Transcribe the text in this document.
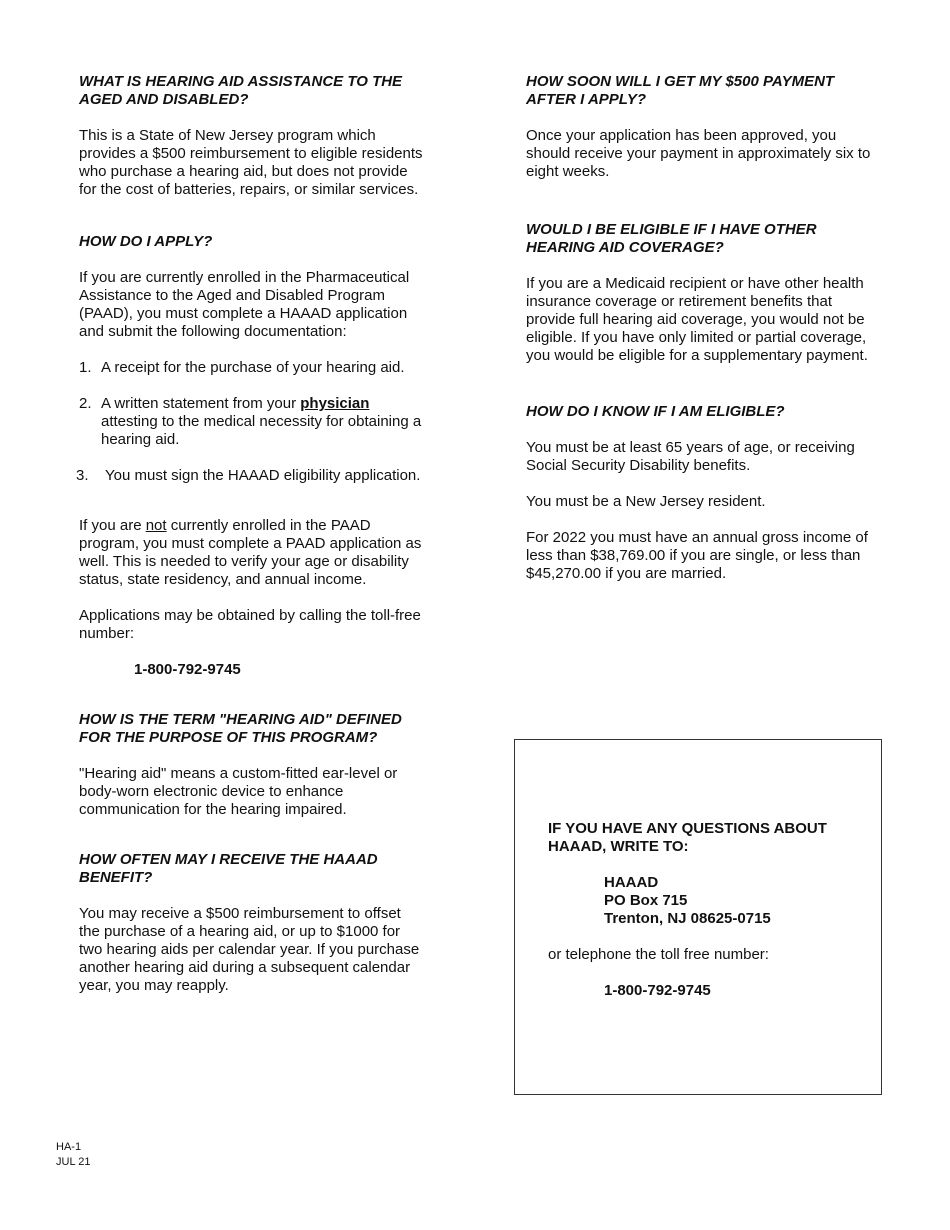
WHAT IS HEARING AID ASSISTANCE TO THE AGED AND DISABLED?

This is a State of New Jersey program which provides a $500 reimbursement to eligible residents who purchase a hearing aid, but does not provide for the cost of batteries, repairs, or similar services.

HOW DO I APPLY?

If you are currently enrolled in the Pharmaceutical Assistance to the Aged and Disabled Program (PAAD), you must complete a HAAAD application and submit the following documentation:

1. A receipt for the purchase of your hearing aid.
2. A written statement from your physician attesting to the medical necessity for obtaining a hearing aid.
3. You must sign the HAAAD eligibility application.

If you are not currently enrolled in the PAAD program, you must complete a PAAD application as well. This is needed to verify your age or disability status, state residency, and annual income.

Applications may be obtained by calling the toll-free number:

1-800-792-9745

HOW IS THE TERM "HEARING AID" DEFINED FOR THE PURPOSE OF THIS PROGRAM?

"Hearing aid" means a custom-fitted ear-level or body-worn electronic device to enhance communication for the hearing impaired.

HOW OFTEN MAY I RECEIVE THE HAAAD BENEFIT?

You may receive a $500 reimbursement to offset the purchase of a hearing aid, or up to $1000 for two hearing aids per calendar year. If you purchase another hearing aid during a subsequent calendar year, you may reapply.

HOW SOON WILL I GET MY $500 PAYMENT AFTER I APPLY?

Once your application has been approved, you should receive your payment in approximately six to eight weeks.

WOULD I BE ELIGIBLE IF I HAVE OTHER HEARING AID COVERAGE?

If you are a Medicaid recipient or have other health insurance coverage or retirement benefits that provide full hearing aid coverage, you would not be eligible. If you have only limited or partial coverage, you would be eligible for a supplementary payment.

HOW DO I KNOW IF I AM ELIGIBLE?

You must be at least 65 years of age, or receiving Social Security Disability benefits.

You must be a New Jersey resident.

For 2022 you must have an annual gross income of less than $38,769.00 if you are single, or less than $45,270.00 if you are married.

IF YOU HAVE ANY QUESTIONS ABOUT HAAAD, WRITE TO:
HAAAD
PO Box 715
Trenton, NJ 08625-0715

or telephone the toll free number:

1-800-792-9745

HA-1
JUL 21
